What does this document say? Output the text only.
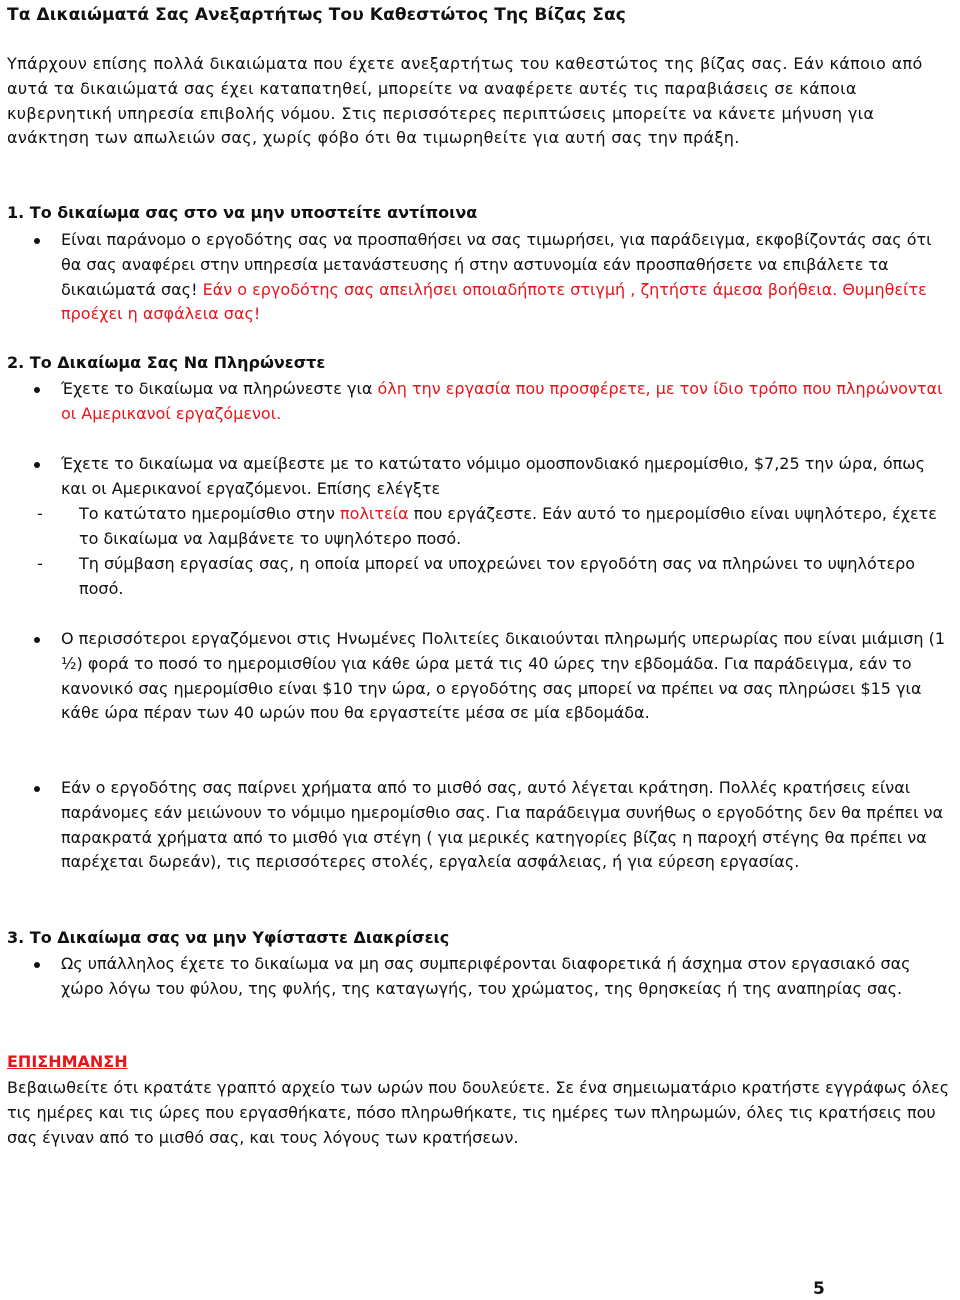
Τα Δικαιώματά Σας Ανεξαρτήτως Του Καθεστώτος Της Βίζας Σας

Υπάρχουν επίσης πολλά δικαιώματα που έχετε ανεξαρτήτως του καθεστώτος της βίζας σας. Εάν κάποιο από αυτά τα δικαιώματά σας έχει καταπατηθεί, μπορείτε να αναφέρετε αυτές τις παραβιάσεις σε κάποια κυβερνητική υπηρεσία επιβολής νόμου. Στις περισσότερες περιπτώσεις μπορείτε να κάνετε μήνυση για ανάκτηση των απωλειών σας, χωρίς φόβο ότι θα τιμωρηθείτε για αυτή σας την πράξη.

1. Το δικαίωμα σας στο να μην υποστείτε αντίποινα
Είναι παράνομο ο εργοδότης σας να προσπαθήσει να σας τιμωρήσει, για παράδειγμα, εκφοβίζοντάς σας ότι θα σας αναφέρει στην υπηρεσία μετανάστευσης ή στην αστυνομία εάν προσπαθήσετε να επιβάλετε τα δικαιώματά σας! Εάν ο εργοδότης σας απειλήσει οποιαδήποτε στιγμή , ζητήστε άμεσα βοήθεια. Θυμηθείτε προέχει η ασφάλεια σας!
2. Το Δικαίωμα Σας Να Πληρώνεστε
Έχετε το δικαίωμα να πληρώνεστε για όλη την εργασία που προσφέρετε, με τον ίδιο τρόπο που πληρώνονται οι Αμερικανοί εργαζόμενοι.
Έχετε το δικαίωμα να αμείβεστε με το κατώτατο νόμιμο ομοσπονδιακό ημερομίσθιο, $7,25 την ώρα, όπως και οι Αμερικανοί εργαζόμενοι. Επίσης ελέγξτε
- Το κατώτατο ημερομίσθιο στην πολιτεία που εργάζεστε. Εάν αυτό το ημερομίσθιο είναι υψηλότερο, έχετε το δικαίωμα να λαμβάνετε το υψηλότερο ποσό.
- Τη σύμβαση εργασίας σας, η οποία μπορεί να υποχρεώνει τον εργοδότη σας να πληρώνει το υψηλότερο ποσό.
Ο περισσότεροι εργαζόμενοι στις Ηνωμένες Πολιτείες δικαιούνται πληρωμής υπερωρίας που είναι μιάμιση (1 ½) φορά το ποσό το ημερομισθίου για κάθε ώρα μετά τις 40 ώρες την εβδομάδα. Για παράδειγμα, εάν το κανονικό σας ημερομίσθιο είναι $10 την ώρα, ο εργοδότης σας μπορεί να πρέπει να σας πληρώσει $15 για κάθε ώρα πέραν των 40 ωρών που θα εργαστείτε μέσα σε μία εβδομάδα.
Εάν ο εργοδότης σας παίρνει χρήματα από το μισθό σας, αυτό λέγεται κράτηση. Πολλές κρατήσεις είναι παράνομες εάν μειώνουν το νόμιμο ημερομίσθιο σας. Για παράδειγμα συνήθως ο εργοδότης δεν θα πρέπει να παρακρατά χρήματα από το μισθό για στέγη ( για μερικές κατηγορίες βίζας η παροχή στέγης θα πρέπει να παρέχεται δωρεάν), τις περισσότερες στολές, εργαλεία ασφάλειας, ή για εύρεση εργασίας.
3. Το Δικαίωμα σας να μην Υφίσταστε Διακρίσεις
Ως υπάλληλος έχετε το δικαίωμα να μη σας συμπεριφέρονται διαφορετικά ή άσχημα στον εργασιακό σας χώρο λόγω του φύλου, της φυλής, της καταγωγής, του χρώματος, της θρησκείας ή της αναπηρίας σας.
ΕΠΙΣΗΜΑΝΣΗ

Βεβαιωθείτε ότι κρατάτε γραπτό αρχείο των ωρών που δουλεύετε. Σε ένα σημειωματάριο κρατήστε εγγράφως όλες τις ημέρες και τις ώρες που εργασθήκατε, πόσο πληρωθήκατε, τις ημέρες των πληρωμών, όλες τις κρατήσεις που σας έγιναν από το μισθό σας, και τους λόγους των κρατήσεων.

5
